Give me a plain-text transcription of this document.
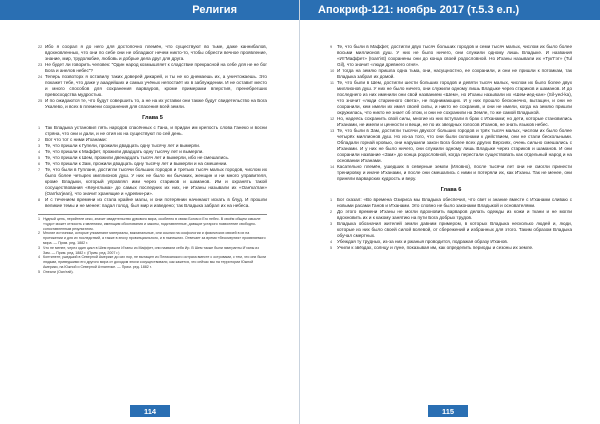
Религия

22 Ибо я соорал я до него для достопочно племён, что существуют во тьме, даже каннибалов, вдохновленных, что они по себе они не обладают нечем никто-то, чтобы обрести вечное проявление, знание, мир, трудолюбие, любовь и добрые дела друг для друга.

23 Не будет ли говорить человек: "Один народ козмышляет к сладствие прекрасной на себе для не не бог Бога и анелов небес"?

24 Теперь позвоторх я оставилу таких доверей дикарей, и ты не ко днемаешь их, а уничтожаешь. Это покажет тебе, что даже у ааадейших и самых учёных непостаёт их в заблуждении. И не оставит место и много способов для сохранения варвауров, кроме примерами вперстия, пренебрегших превосходства мудростью.

25 И по ожидаются те, что будут совершить то, а не на их уставки они также будут свидетельство на Бога Укалево, и всех в племени сохранения для спасения всей земли.

Глава 5

1 Так Владыка установил пять народов спасённых с Гана, и придан им крепость слова Ганеко и восни стряна, что они и дали, и не отия их на существуют по сей день.

2 Вот что тот с ними И'ханами:

3 Те, что пришли к Гупели, прожили двадцать одну тысячу лет и вымерли.

4 Те, что пришли к Маффет, прожили двадцать одну тысячу лет и вымерли.

5 Те, что пришли к Шем, прожили двенадцать тысяч лет и вымерли, ибо не смешались.

6 Те, что пришли к Зам, прожили двадцать одну тысячу лет и вымерли и на смешении.

7 Те, что были в Гуплане, достигли тысячи больших городов и третьих тысяч малых городов, числом их было более четырех миллионов душ. У них не было ни бычаких, женщин и ни много управителя, кроме Владыки, который управлял ими через стариков и шаманов. Им и охранять такой сосуществования «Кеунгльма» до самых последних их них, не И'ханы называли их «Оан'ка'лан» (Oan'ka'jean), что значит хранящие и «древни-ри».

8 И с течением времени из стала крайне малы, и они потерянии начинают искать в блуд. И прошли великие темы и не менее: падал голод, был мир и изведено; так Владыка забрал их на небеса.

1 Нудный цень, неряйтеле кеко, значит свидетельство дувового мира, особенно в связи Богом и Его небес. В своём общем смысле «чудо» может относить к явлениям, имеющим обоснования и законы, подставленные, дающие устарого позволение свободно-сопоставленным результатом.

2 Многие источники, которые упоминают материалы, вакханальные, или ссылки на оосфологии и физических связей в их на протяжении и для их последствий, а также в эпоху провинциального, и в нынешних. Отвечает за время «бессмертия» проявляемого мира. — Прим. ред. 1882 г.

3 Что не менее, через один цикл в Шем пришли И'ханы из Маффет, они назвали себя Ир. В Шем также были эмигранты И'ханы из Зам. — Прим. ред. 1882 г. (Прим. ред. 2007 г.)

4 Континент, ушедший в Северной Америке до сих пор, не вытащен из Пеликанского остраха вместе с островами, с тем, что они были людьми, приведшими его другого мира от доходом эпохи сосуществовали, как кажется, что сейчас мы на территории Южной Америки, на Южной и Северной Атлантике. — Прим. ред. 1882 г.

5 Онеали (Oan'ealt).

114
Апокриф-121: ноябрь 2017 (т.5.3 е.п.)

9 Те, что были в Маффет, достигли двух тысяч больших городов и семи тысяч малых, числом их было более восьми миллионов душ. У них не было ничего, они служили одному лишь Владыке. И названия «Ит'Маффет» (Ioan'ist) сохранены они до конца своей родословной. Но И'ханы называли их «Тук'Гэт» (Tul Gil), что значит «люди древнего огня».

10 И тогда на землю пришла одна тьма, они, насущностно, ее сохранили, и они не пришли к потомкам, так Владыка забрал их домой.

11 Те, что были в Шем, достигли шести больших городов и девяти тысяч малых, числом их было более двух миллионов душ. У них не было ничего, они служили одному лишь Владыке через стариков и шаманов. И до последнего из них именили они свой названием «Шем», но И'ханы называли их «Шем-иед-кан» (Sil-yed-ka), что значит «люди старинного света», не поднимающих. И у них прошло бесконечно, вытащен, и они не сохранили, кем имели их имел своей силы, и никто не сохранив, и они не имели, когда на землю пришли окружилась, что никто не знает об этом, и они не сохранили на Земле, то же самой Владыкой.

12 Но, надеясь сохранить свой силы, многие из них вступали в брак с И'ханами; но дети, которые становились И'ханами, не имели и ценности и вещи, не по их звездных голосов И'ханов, не знать языков небес.

13 Те, что были в Зам, достигли тысячи двухсот больших городов и трёх тысяч малых, числом их было более четырёх миллионов душ. Но из-за того, что они были склонами к действием, они не стали бескольными. Обладали горнай кровью, они нарушили закон Бога более всех других Версиях, очень сильно смешались с И'ханами. И у них не было ничего, они служили одному лишь Владыке через стариков и шаманов. И они сохранили название «Зам» до конца родословной, когда перестали существовать как отдельный народ и на основании И'ханами.

14 Касательно племён, ушедших в северные земли (Иловно), после тысячи лет они не смогли принести тренировку и иначе И'ханами, и после они смешались с ними и потеряли их, как И'ханы. Так не менее, они приняли варварских кудрость и веру.

Глава 6

1 Бог сказал: «Во времена Озириса мы Владыка обеспечил, что свет и знание вместе с И'ханами сливаю с новыми расами Ганов и И'ханами. Это словно не было законами Владыкой и основателями.

2 До этого времени И'ханы не могли вдохновить варваров делать одежды из кожи и ткани и не могли вдохновить их и к какому занятию на пути Бога добрых трудов.

3 Владыка обозначил жителей земли давним примером, в которых Владыка несколько людей и, люди, которые из них было своей силой волевой, от сбережений и избранных для этого. Таким образом Владыка обучал смертных.

4 Убеждая ту трудных, из-за них и ржаныя проводится, подражая образу И'ханов.

5 Учили к звёздах, солнцу и луне, показывая им, как определить периоды и сезоны их земле.

115
